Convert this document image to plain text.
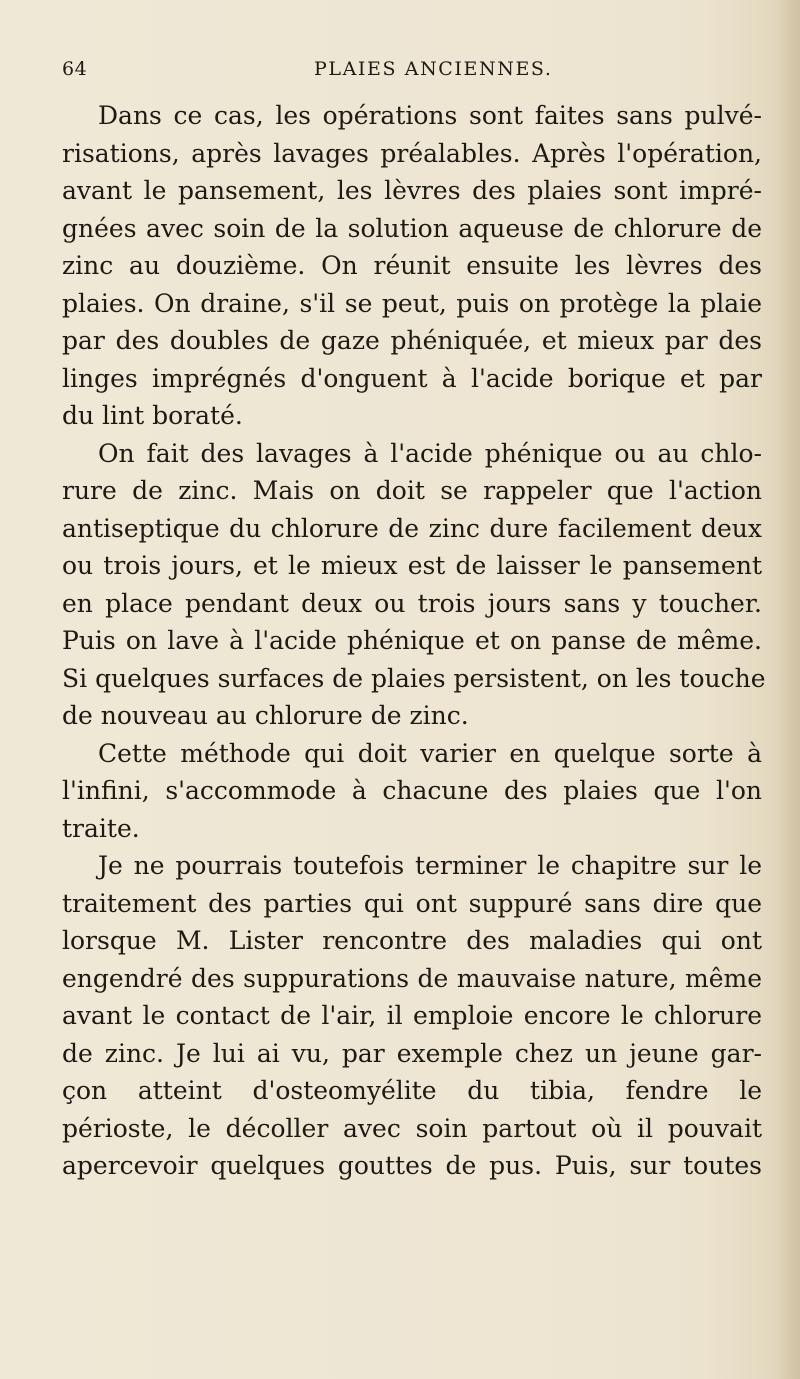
64	PLAIES ANCIENNES.
Dans ce cas, les opérations sont faites sans pulvé-
risations, après lavages préalables. Après l'opération,
avant le pansement, les lèvres des plaies sont impré-
gnées avec soin de la solution aqueuse de chlorure de
zinc au douzième. On réunit ensuite les lèvres des
plaies. On draine, s'il se peut, puis on protège la plaie
par des doubles de gaze phéniquée, et mieux par des
linges imprégnés d'onguent à l'acide borique et par
du lint boraté.
On fait des lavages à l'acide phénique ou au chlo-
rure de zinc. Mais on doit se rappeler que l'action
antiseptique du chlorure de zinc dure facilement deux
ou trois jours, et le mieux est de laisser le pansement
en place pendant deux ou trois jours sans y toucher.
Puis on lave à l'acide phénique et on panse de même.
Si quelques surfaces de plaies persistent, on les touche
de nouveau au chlorure de zinc.
Cette méthode qui doit varier en quelque sorte à
l'infini, s'accommode à chacune des plaies que l'on
traite.
Je ne pourrais toutefois terminer le chapitre sur le
traitement des parties qui ont suppuré sans dire que
lorsque M. Lister rencontre des maladies qui ont
engendré des suppurations de mauvaise nature, même
avant le contact de l'air, il emploie encore le chlorure
de zinc. Je lui ai vu, par exemple chez un jeune gar-
çon atteint d'osteomyélite du tibia, fendre le
périoste, le décoller avec soin partout où il pouvait
apercevoir quelques gouttes de pus. Puis, sur toutes
